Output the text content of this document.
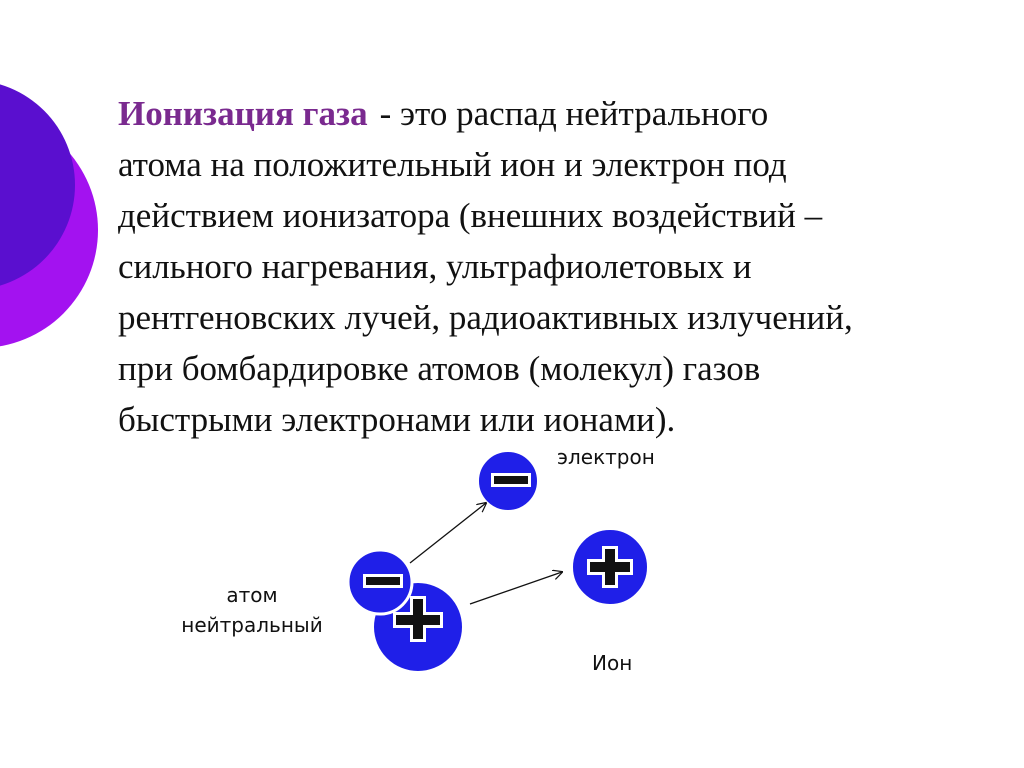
Ионизация газа - это распад нейтрального
атома на положительный ион и электрон под
действием ионизатора (внешних воздействий –
сильного нагревания, ультрафиолетовых и
рентгеновских лучей, радиоактивных излучений,
при бомбардировке атомов (молекул) газов
быстрыми электронами или ионами).

электрон
атом
нейтральный
Ион
